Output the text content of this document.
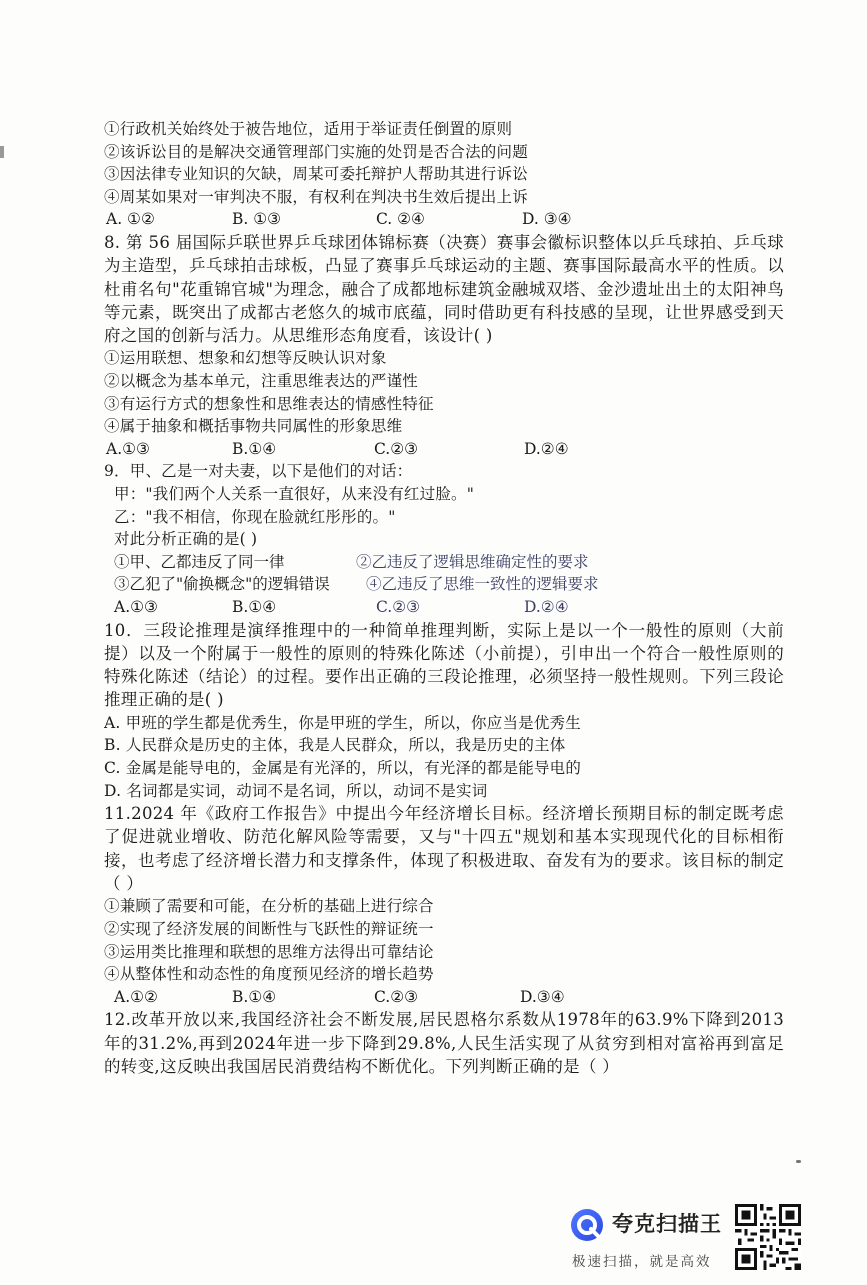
①行政机关始终处于被告地位，适用于举证责任倒置的原则
②该诉讼目的是解决交通管理部门实施的处罚是否合法的问题
③因法律专业知识的欠缺，周某可委托辩护人帮助其进行诉讼
④周某如果对一审判决不服，有权利在判决书生效后提出上诉
A. ①②	B. ①③	C. ②④	D. ③④
8. 第 56 届国际乒联世界乒乓球团体锦标赛（决赛）赛事会徽标识整体以乒乓球拍、乒乓球为主造型，乒乓球拍击球板，凸显了赛事乒乓球运动的主题、赛事国际最高水平的性质。以杜甫名句"花重锦官城"为理念，融合了成都地标建筑金融城双塔、金沙遗址出土的太阳神鸟等元素，既突出了成都古老悠久的城市底蕴，同时借助更有科技感的呈现，让世界感受到天府之国的创新与活力。从思维形态角度看，该设计( )
①运用联想、想象和幻想等反映认识对象
②以概念为基本单元，注重思维表达的严谨性
③有运行方式的想象性和思维表达的情感性特征
④属于抽象和概括事物共同属性的形象思维
A.①③	B.①④	C.②③	D.②④
9．甲、乙是一对夫妻，以下是他们的对话：
甲："我们两个人关系一直很好，从来没有红过脸。"
乙："我不相信，你现在脸就红彤彤的。"
对此分析正确的是( )
①甲、乙都违反了同一律	②乙违反了逻辑思维确定性的要求
③乙犯了"偷换概念"的逻辑错误 ④乙违反了思维一致性的逻辑要求
A.①③	B.①④	C.②③	D.②④
10．三段论推理是演绎推理中的一种简单推理判断，实际上是以一个一般性的原则（大前提）以及一个附属于一般性的原则的特殊化陈述（小前提），引申出一个符合一般性原则的特殊化陈述（结论）的过程。要作出正确的三段论推理，必须坚持一般性规则。下列三段论推理正确的是( )
A. 甲班的学生都是优秀生，你是甲班的学生，所以，你应当是优秀生
B. 人民群众是历史的主体，我是人民群众，所以，我是历史的主体
C. 金属是能导电的，金属是有光泽的，所以，有光泽的都是能导电的
D. 名词都是实词，动词不是名词，所以，动词不是实词
11.2024 年《政府工作报告》中提出今年经济增长目标。经济增长预期目标的制定既考虑了促进就业增收、防范化解风险等需要，又与"十四五"规划和基本实现现代化的目标相衔接，也考虑了经济增长潜力和支撑条件，体现了积极进取、奋发有为的要求。该目标的制定（ ）
①兼顾了需要和可能，在分析的基础上进行综合
②实现了经济发展的间断性与飞跃性的辩证统一
③运用类比推理和联想的思维方法得出可靠结论
④从整体性和动态性的角度预见经济的增长趋势
A.①②	B.①④	C.②③	D.③④
12.改革开放以来,我国经济社会不断发展,居民恩格尔系数从1978年的63.9%下降到2013年的31.2%,再到2024年进一步下降到29.8%,人民生活实现了从贫穷到相对富裕再到富足的转变,这反映出我国居民消费结构不断优化。下列判断正确的是（ ）
夸克扫描王
极速扫描，就是高效
